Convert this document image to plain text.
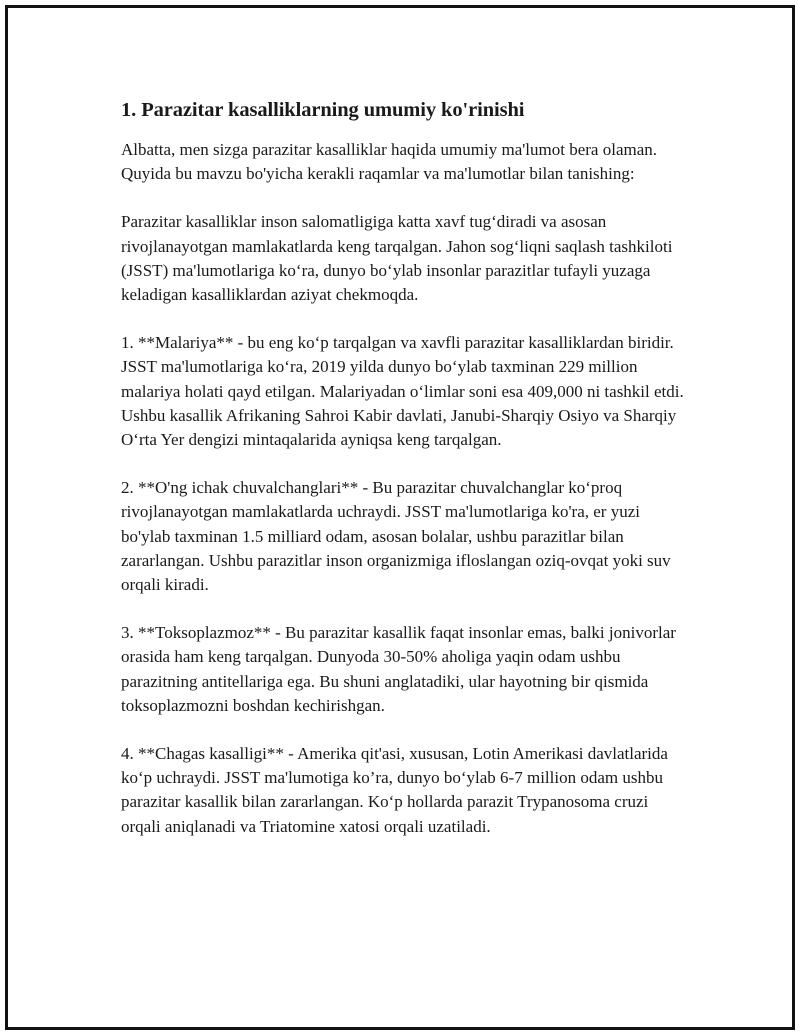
1. Parazitar kasalliklarning umumiy ko'rinishi

Albatta, men sizga parazitar kasalliklar haqida umumiy ma'lumot bera olaman. Quyida bu mavzu bo'yicha kerakli raqamlar va ma'lumotlar bilan tanishing:

Parazitar kasalliklar inson salomatligiga katta xavf tugʻdiradi va asosan rivojlanayotgan mamlakatlarda keng tarqalgan. Jahon sogʻliqni saqlash tashkiloti (JSST) ma'lumotlariga koʻra, dunyo boʻylab insonlar parazitlar tufayli yuzaga keladigan kasalliklardan aziyat chekmoqda.

1. **Malariya** - bu eng koʻp tarqalgan va xavfli parazitar kasalliklardan biridir. JSST ma'lumotlariga koʻra, 2019 yilda dunyo boʻylab taxminan 229 million malariya holati qayd etilgan. Malariyadan oʻlimlar soni esa 409,000 ni tashkil etdi. Ushbu kasallik Afrikaning Sahroi Kabir davlati, Janubi-Sharqiy Osiyo va Sharqiy Oʻrta Yer dengizi mintaqalarida ayniqsa keng tarqalgan.

2. **O'ng ichak chuvalchanglari** - Bu parazitar chuvalchanglar koʻproq rivojlanayotgan mamlakatlarda uchraydi. JSST ma'lumotlariga ko'ra, er yuzi bo'ylab taxminan 1.5 milliard odam, asosan bolalar, ushbu parazitlar bilan zararlangan. Ushbu parazitlar inson organizmiga ifloslangan oziq-ovqat yoki suv orqali kiradi.

3. **Toksoplazmoz** - Bu parazitar kasallik faqat insonlar emas, balki jonivorlar orasida ham keng tarqalgan. Dunyoda 30-50% aholiga yaqin odam ushbu parazitning antitellariga ega. Bu shuni anglatadiki, ular hayotning bir qismida toksoplazmozni boshdan kechirishgan.

4. **Chagas kasalligi** - Amerika qit'asi, xususan, Lotin Amerikasi davlatlarida koʻp uchraydi. JSST ma'lumotiga ko’ra, dunyo boʻylab 6-7 million odam ushbu parazitar kasallik bilan zararlangan. Koʻp hollarda parazit Trypanosoma cruzi orqali aniqlanadi va Triatomine xatosi orqali uzatiladi.
